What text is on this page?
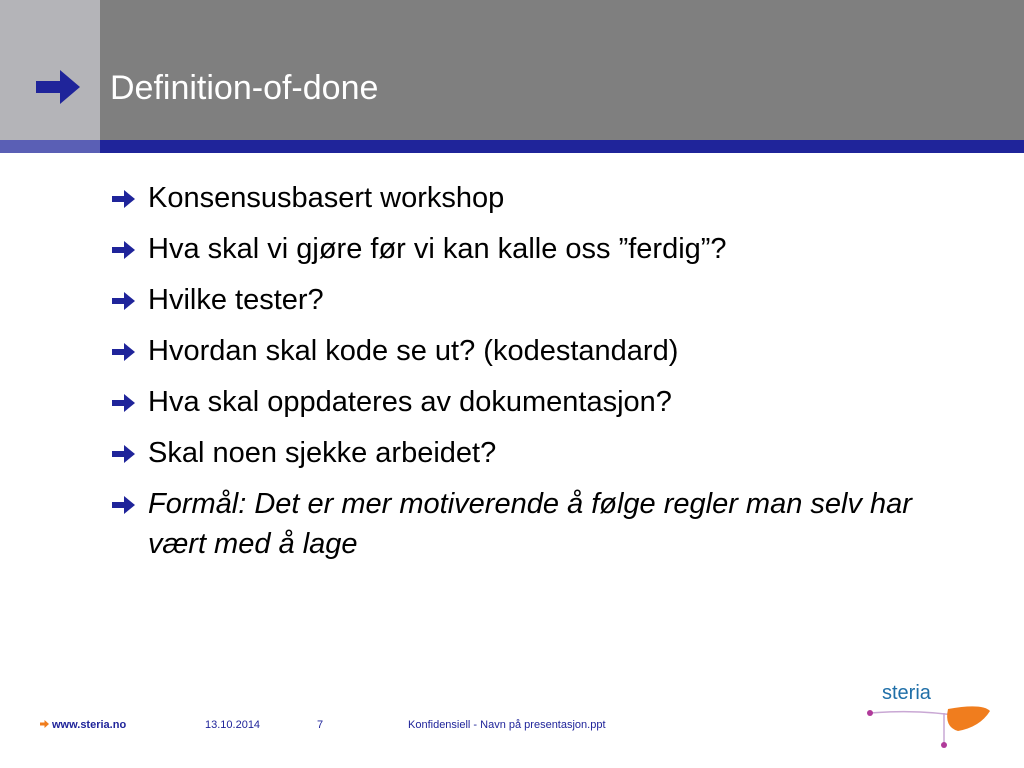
Definition-of-done
Konsensusbasert workshop
Hva skal vi gjøre før vi kan kalle oss ”ferdig”?
Hvilke tester?
Hvordan skal kode se ut? (kodestandard)
Hva skal oppdateres av dokumentasjon?
Skal noen sjekke arbeidet?
Formål: Det er mer motiverende å følge regler man selv har vært med å lage
www.steria.no	13.10.2014	7	Konfidensiell - Navn på presentasjon.ppt
steria
